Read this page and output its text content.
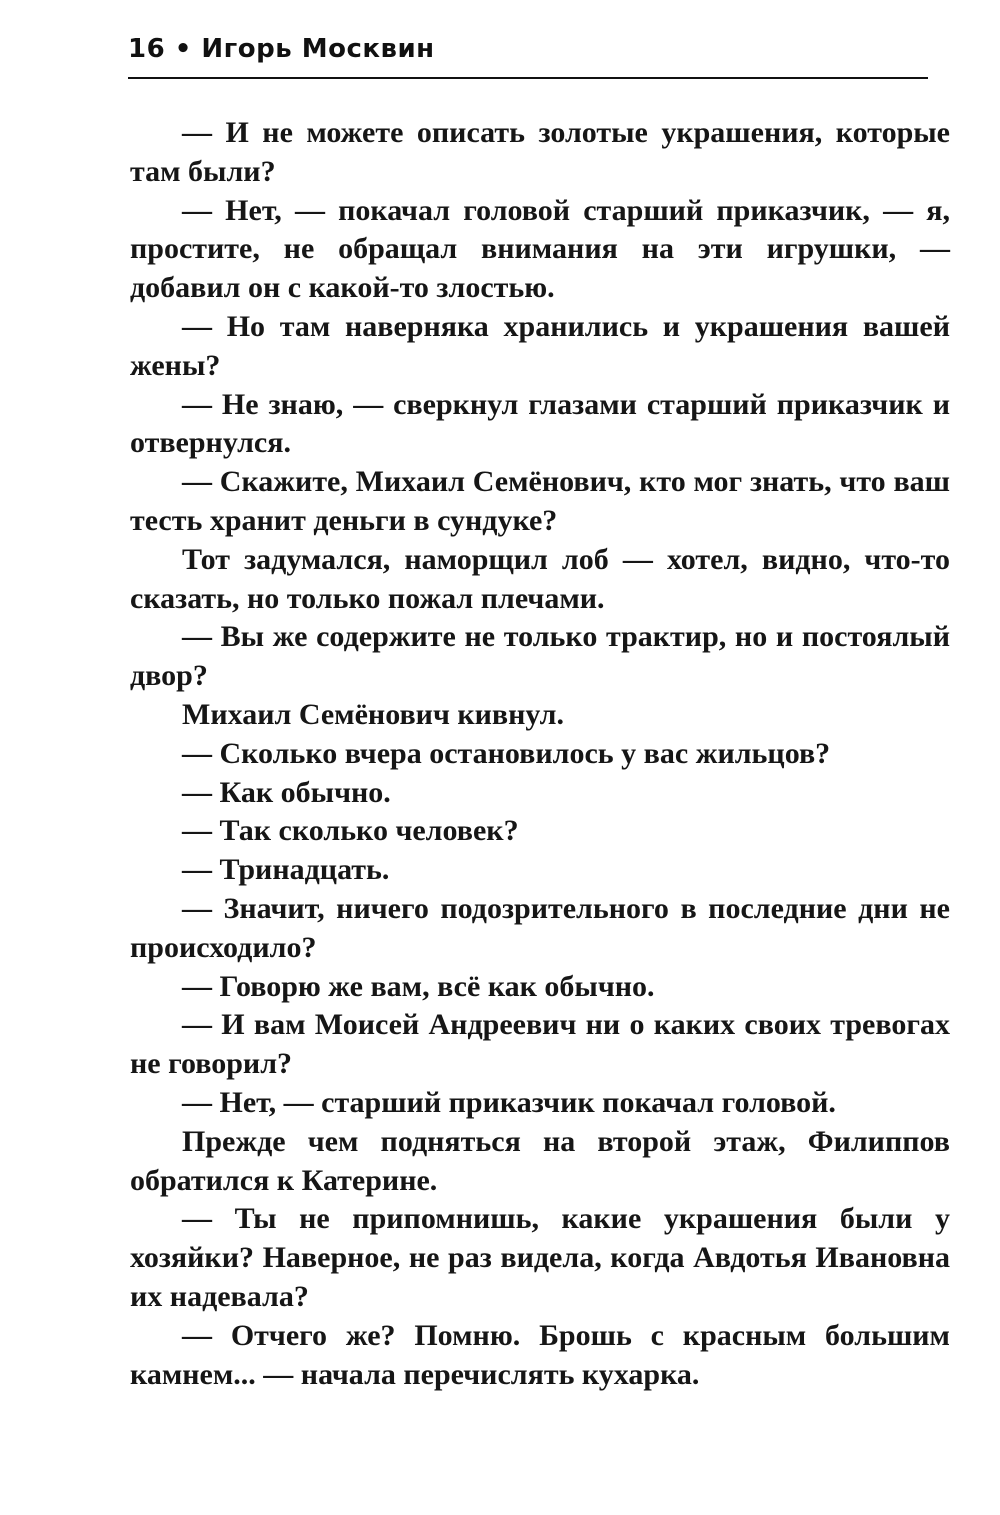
16 • Игорь Москвин

— И не можете описать золотые украшения, которые там были?

— Нет, — покачал головой старший приказчик, — я, простите, не обращал внимания на эти игрушки, — добавил он с какой-то злостью.

— Но там наверняка хранились и украшения вашей жены?

— Не знаю, — сверкнул глазами старший приказчик и отвернулся.

— Скажите, Михаил Семёнович, кто мог знать, что ваш тесть хранит деньги в сундуке?

Тот задумался, наморщил лоб — хотел, видно, что-то сказать, но только пожал плечами.

— Вы же содержите не только трактир, но и постоялый двор?

Михаил Семёнович кивнул.

— Сколько вчера остановилось у вас жильцов?

— Как обычно.

— Так сколько человек?

— Тринадцать.

— Значит, ничего подозрительного в последние дни не происходило?

— Говорю же вам, всё как обычно.

— И вам Моисей Андреевич ни о каких своих тревогах не говорил?

— Нет, — старший приказчик покачал головой.

Прежде чем подняться на второй этаж, Филиппов обратился к Катерине.

— Ты не припомнишь, какие украшения были у хозяйки? Наверное, не раз видела, когда Авдотья Ивановна их надевала?

— Отчего же? Помню. Брошь с красным большим камнем... — начала перечислять кухарка.
